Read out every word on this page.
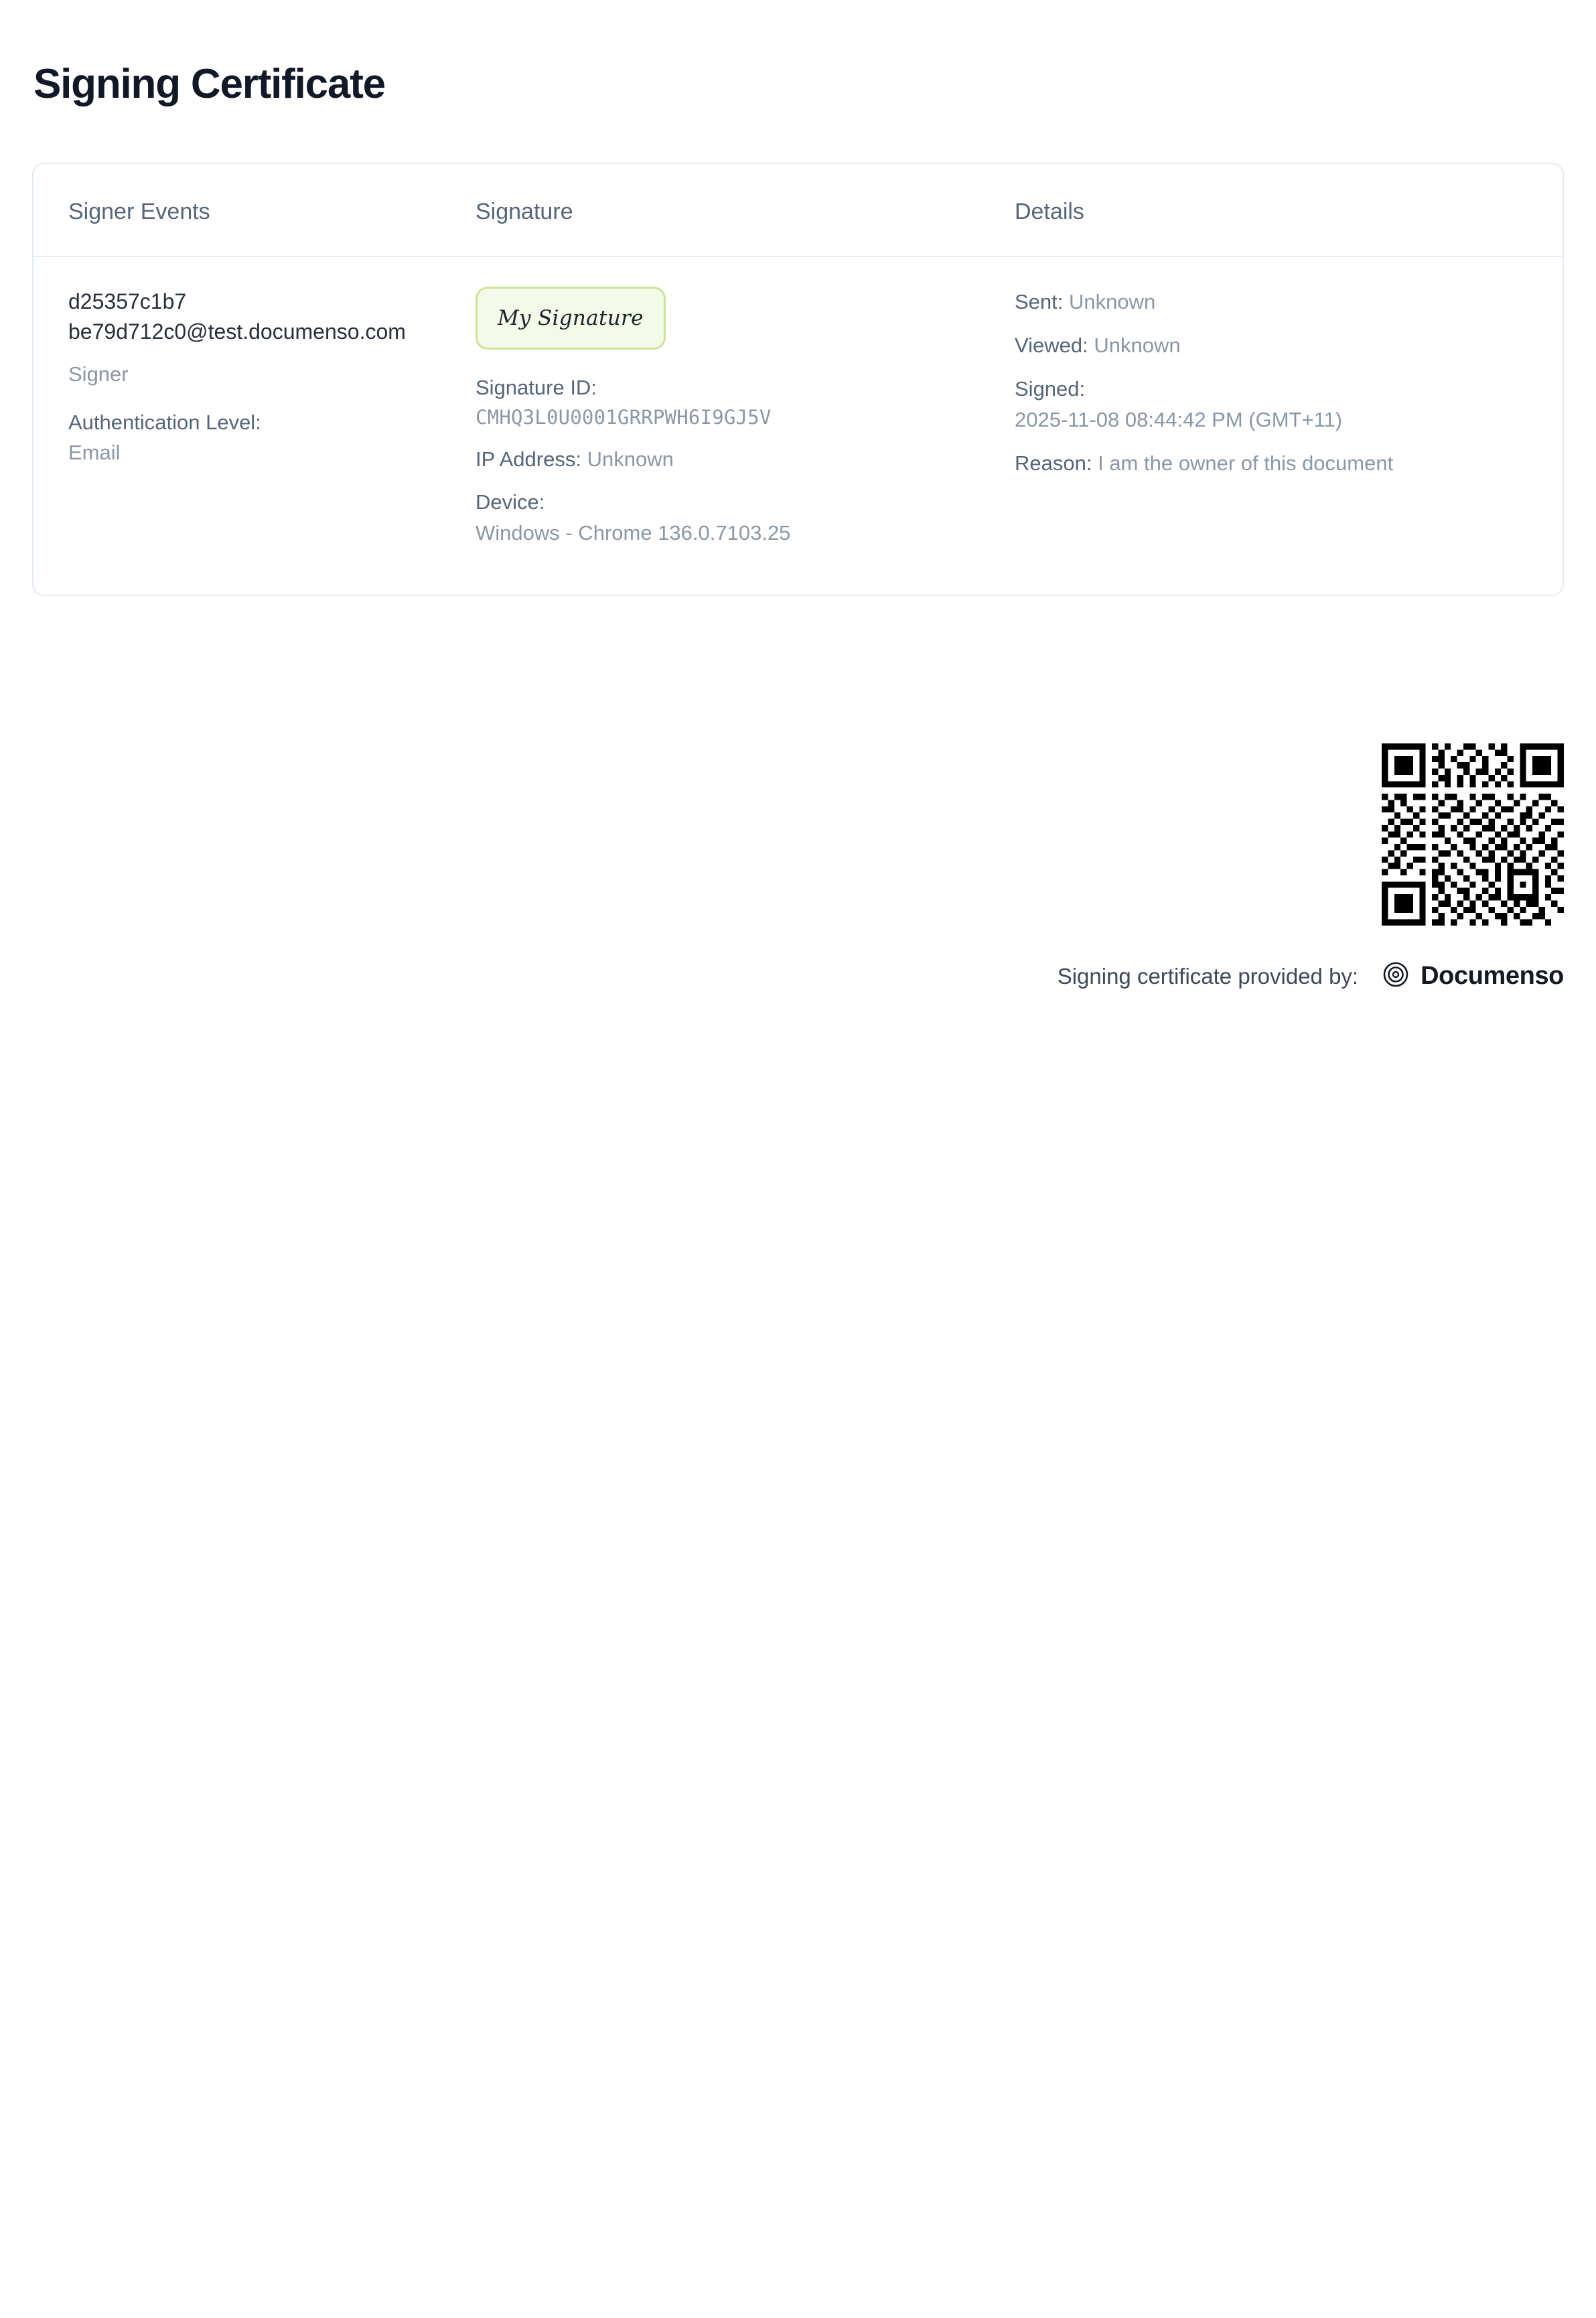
Signing Certificate
Signer Events	Signature	Details
d25357c1b7
be79d712c0@test.documenso.com
Signer
Authentication Level:
Email
My Signature
Signature ID:
CMHQ3L0U0001GRRPWH6I9GJ5V
IP Address: Unknown
Device:
Windows - Chrome 136.0.7103.25
Sent: Unknown
Viewed: Unknown
Signed:
2025-11-08 08:44:42 PM (GMT+11)
Reason: I am the owner of this document
Signing certificate provided by: Documenso
